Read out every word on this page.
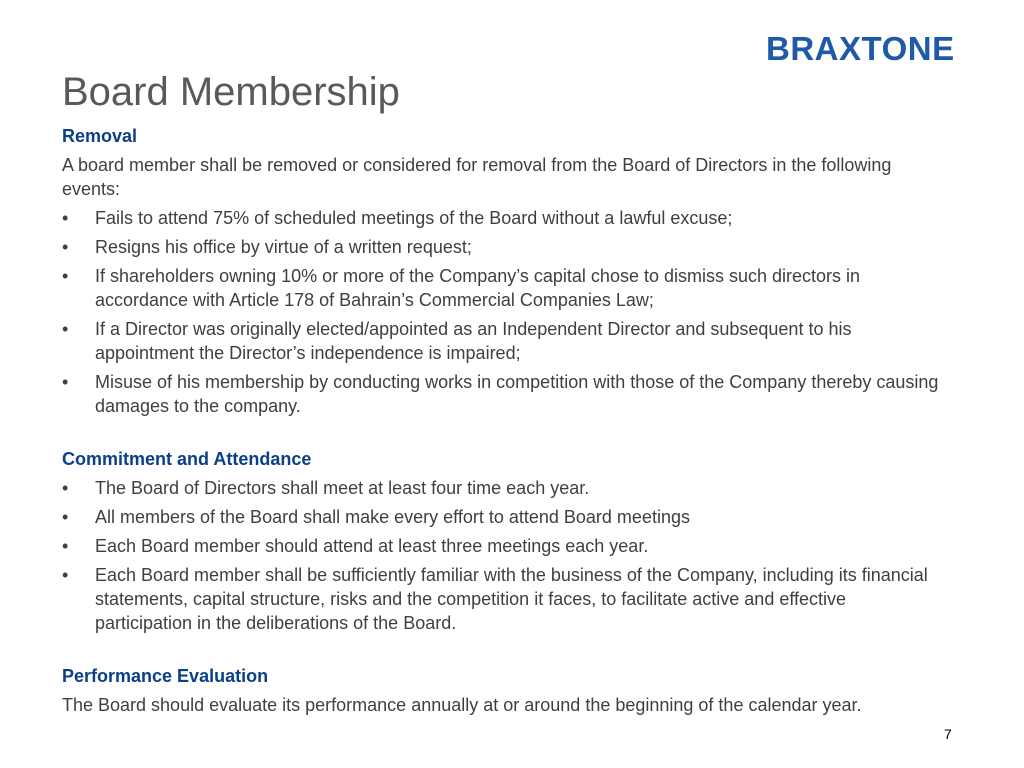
BRAXTONE
Board Membership
Removal
A board member shall be removed or considered for removal from the Board of Directors in the following events:
•	Fails to attend 75% of scheduled meetings of the Board without a lawful excuse;
•	Resigns his office by virtue of a written request;
•	If shareholders owning 10% or more of the Company’s capital chose to dismiss such directors in accordance with Article 178 of Bahrain’s Commercial Companies Law;
•	If a Director was originally elected/appointed as an Independent Director and subsequent to his appointment the Director’s independence is impaired;
•	Misuse of his membership by conducting works in competition with those of the Company thereby causing damages to the company.
Commitment and Attendance
•	The Board of Directors shall meet at least four time each year.
•	All members of the Board shall make every effort to attend Board meetings
•	Each Board member should attend at least three meetings each year.
•	Each Board member shall be sufficiently familiar with the business of the Company, including its financial statements, capital structure, risks and the competition it faces, to facilitate active and effective participation in the deliberations of the Board.
Performance Evaluation
The Board should evaluate its performance annually at or around the beginning of the calendar year.
7
